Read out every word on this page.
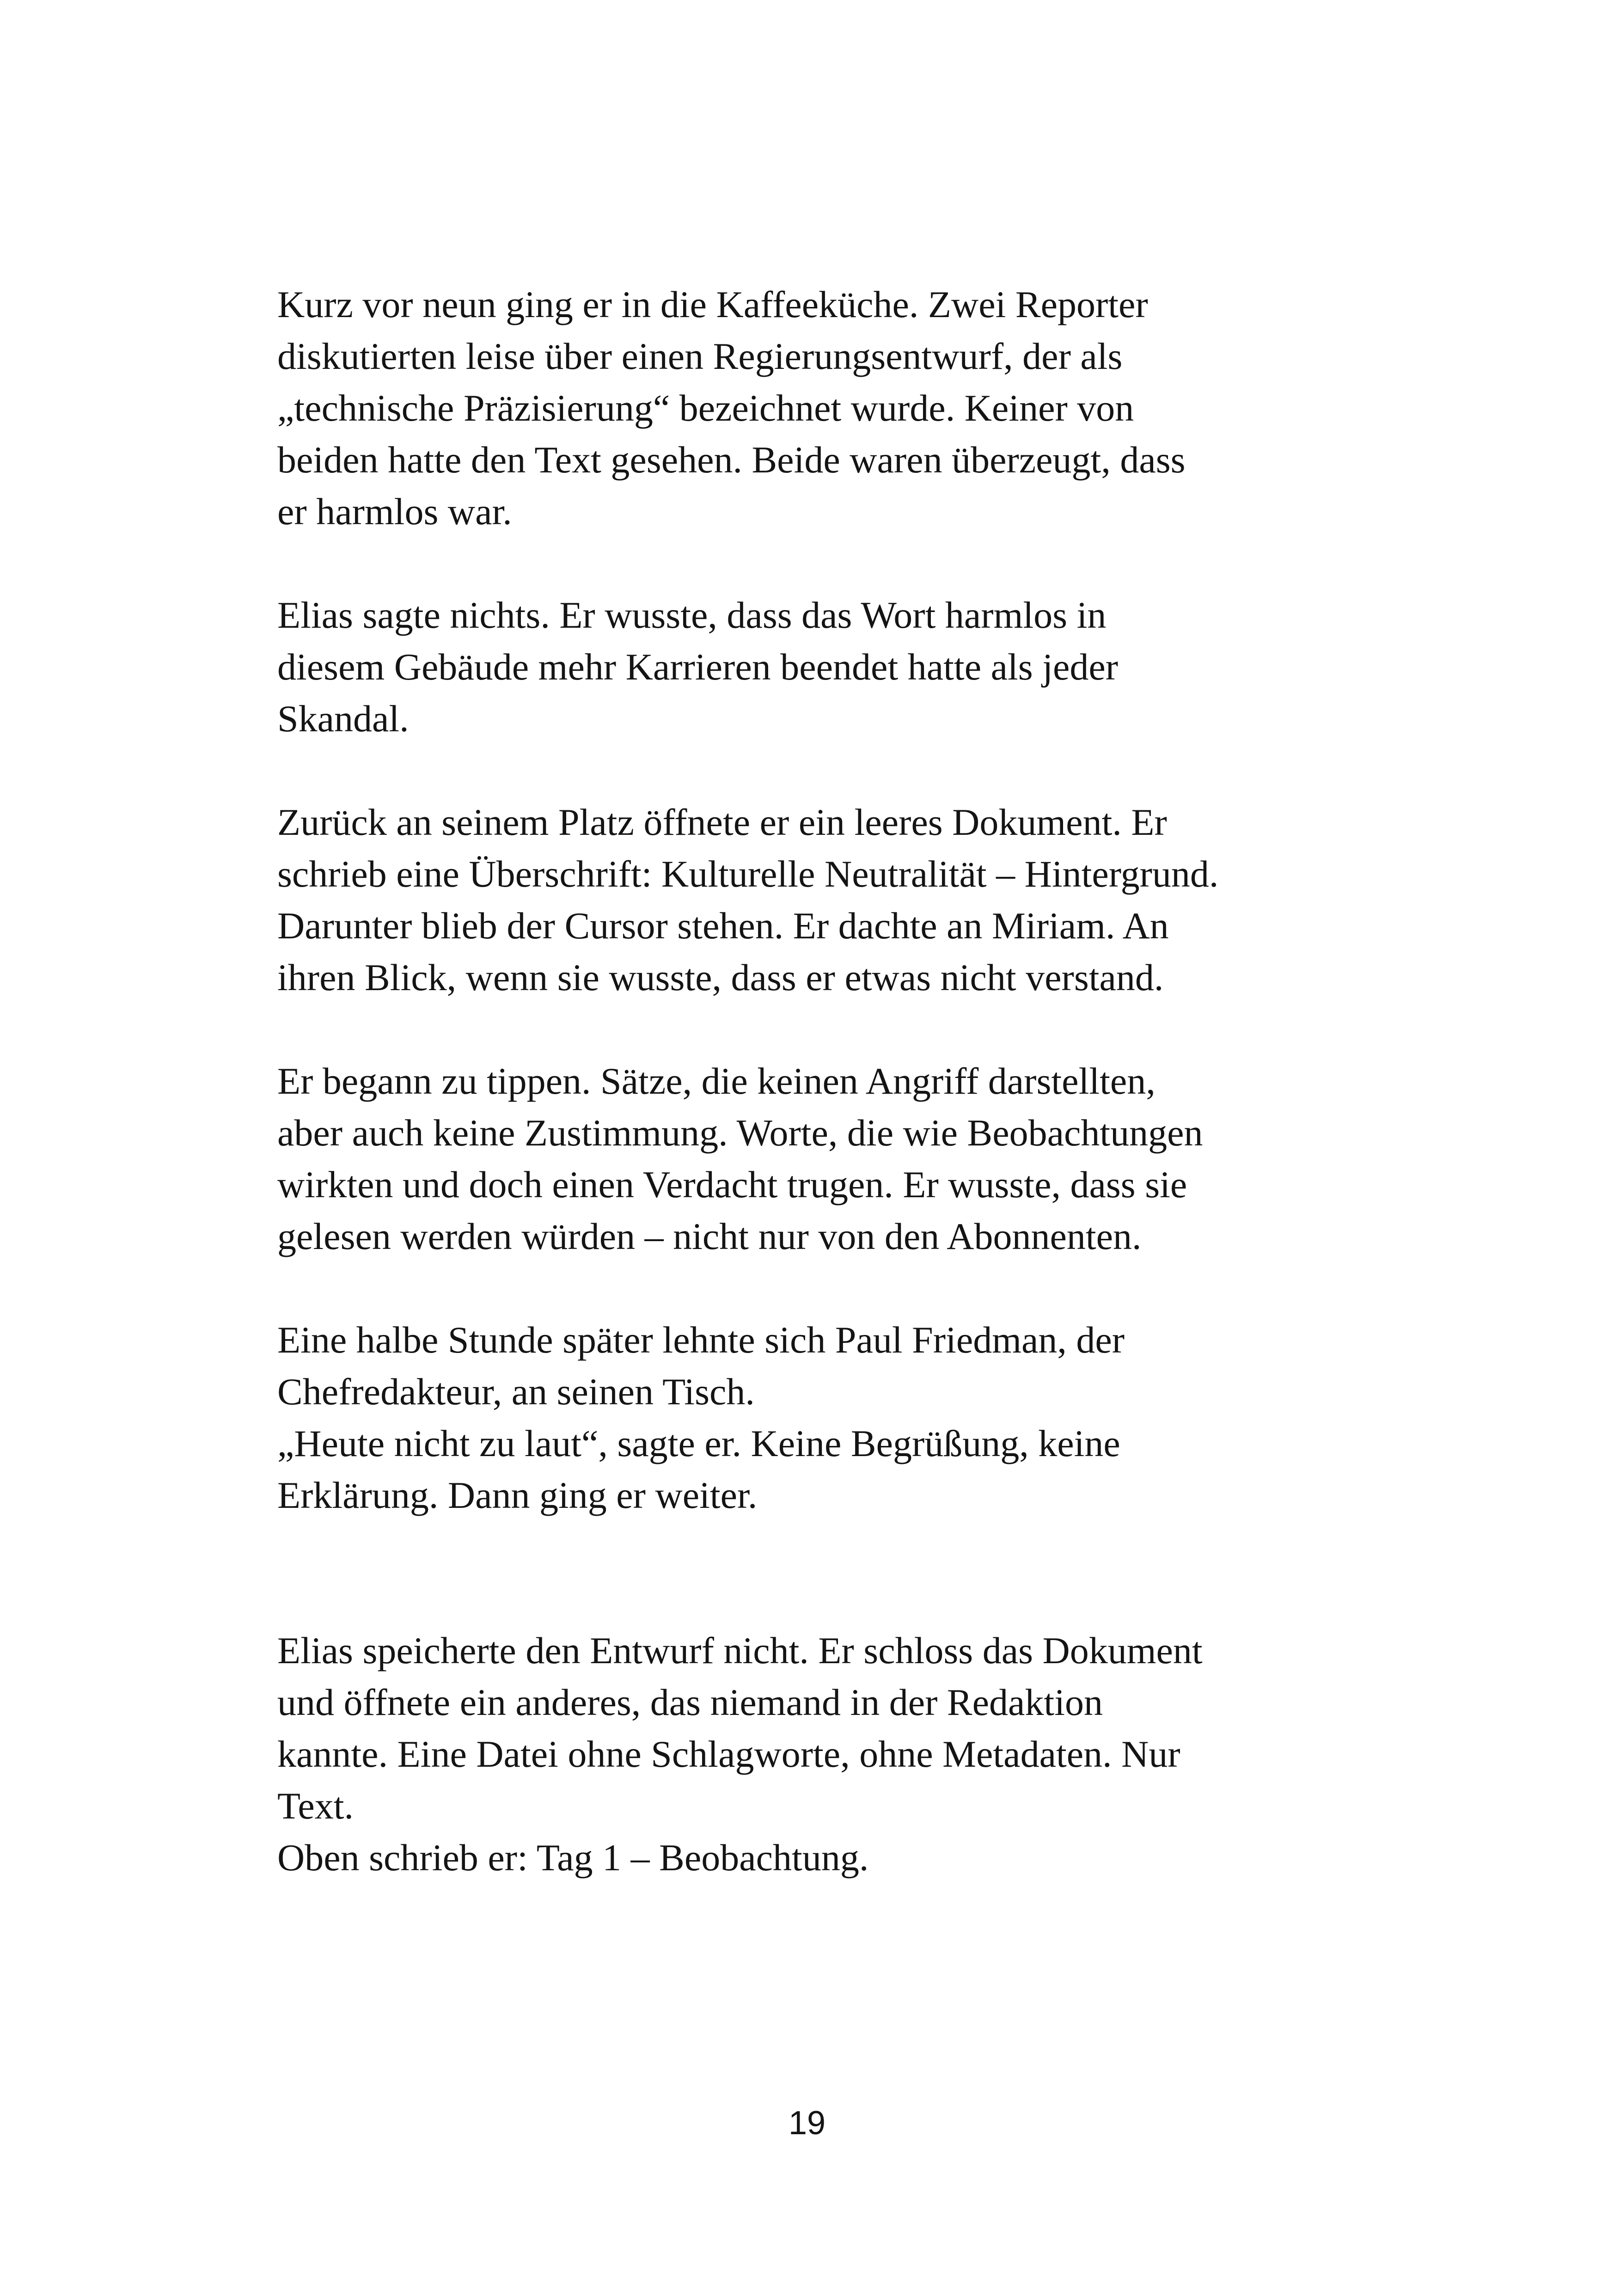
Kurz vor neun ging er in die Kaffeeküche. Zwei Reporter
diskutierten leise über einen Regierungsentwurf, der als
„technische Präzisierung“ bezeichnet wurde. Keiner von
beiden hatte den Text gesehen. Beide waren überzeugt, dass
er harmlos war.

Elias sagte nichts. Er wusste, dass das Wort harmlos in
diesem Gebäude mehr Karrieren beendet hatte als jeder
Skandal.

Zurück an seinem Platz öffnete er ein leeres Dokument. Er
schrieb eine Überschrift: Kulturelle Neutralität – Hintergrund.
Darunter blieb der Cursor stehen. Er dachte an Miriam. An
ihren Blick, wenn sie wusste, dass er etwas nicht verstand.

Er begann zu tippen. Sätze, die keinen Angriff darstellten,
aber auch keine Zustimmung. Worte, die wie Beobachtungen
wirkten und doch einen Verdacht trugen. Er wusste, dass sie
gelesen werden würden – nicht nur von den Abonnenten.

Eine halbe Stunde später lehnte sich Paul Friedman, der
Chefredakteur, an seinen Tisch.
„Heute nicht zu laut“, sagte er. Keine Begrüßung, keine
Erklärung. Dann ging er weiter.

Elias speicherte den Entwurf nicht. Er schloss das Dokument
und öffnete ein anderes, das niemand in der Redaktion
kannte. Eine Datei ohne Schlagworte, ohne Metadaten. Nur
Text.
Oben schrieb er: Tag 1 – Beobachtung.

19
